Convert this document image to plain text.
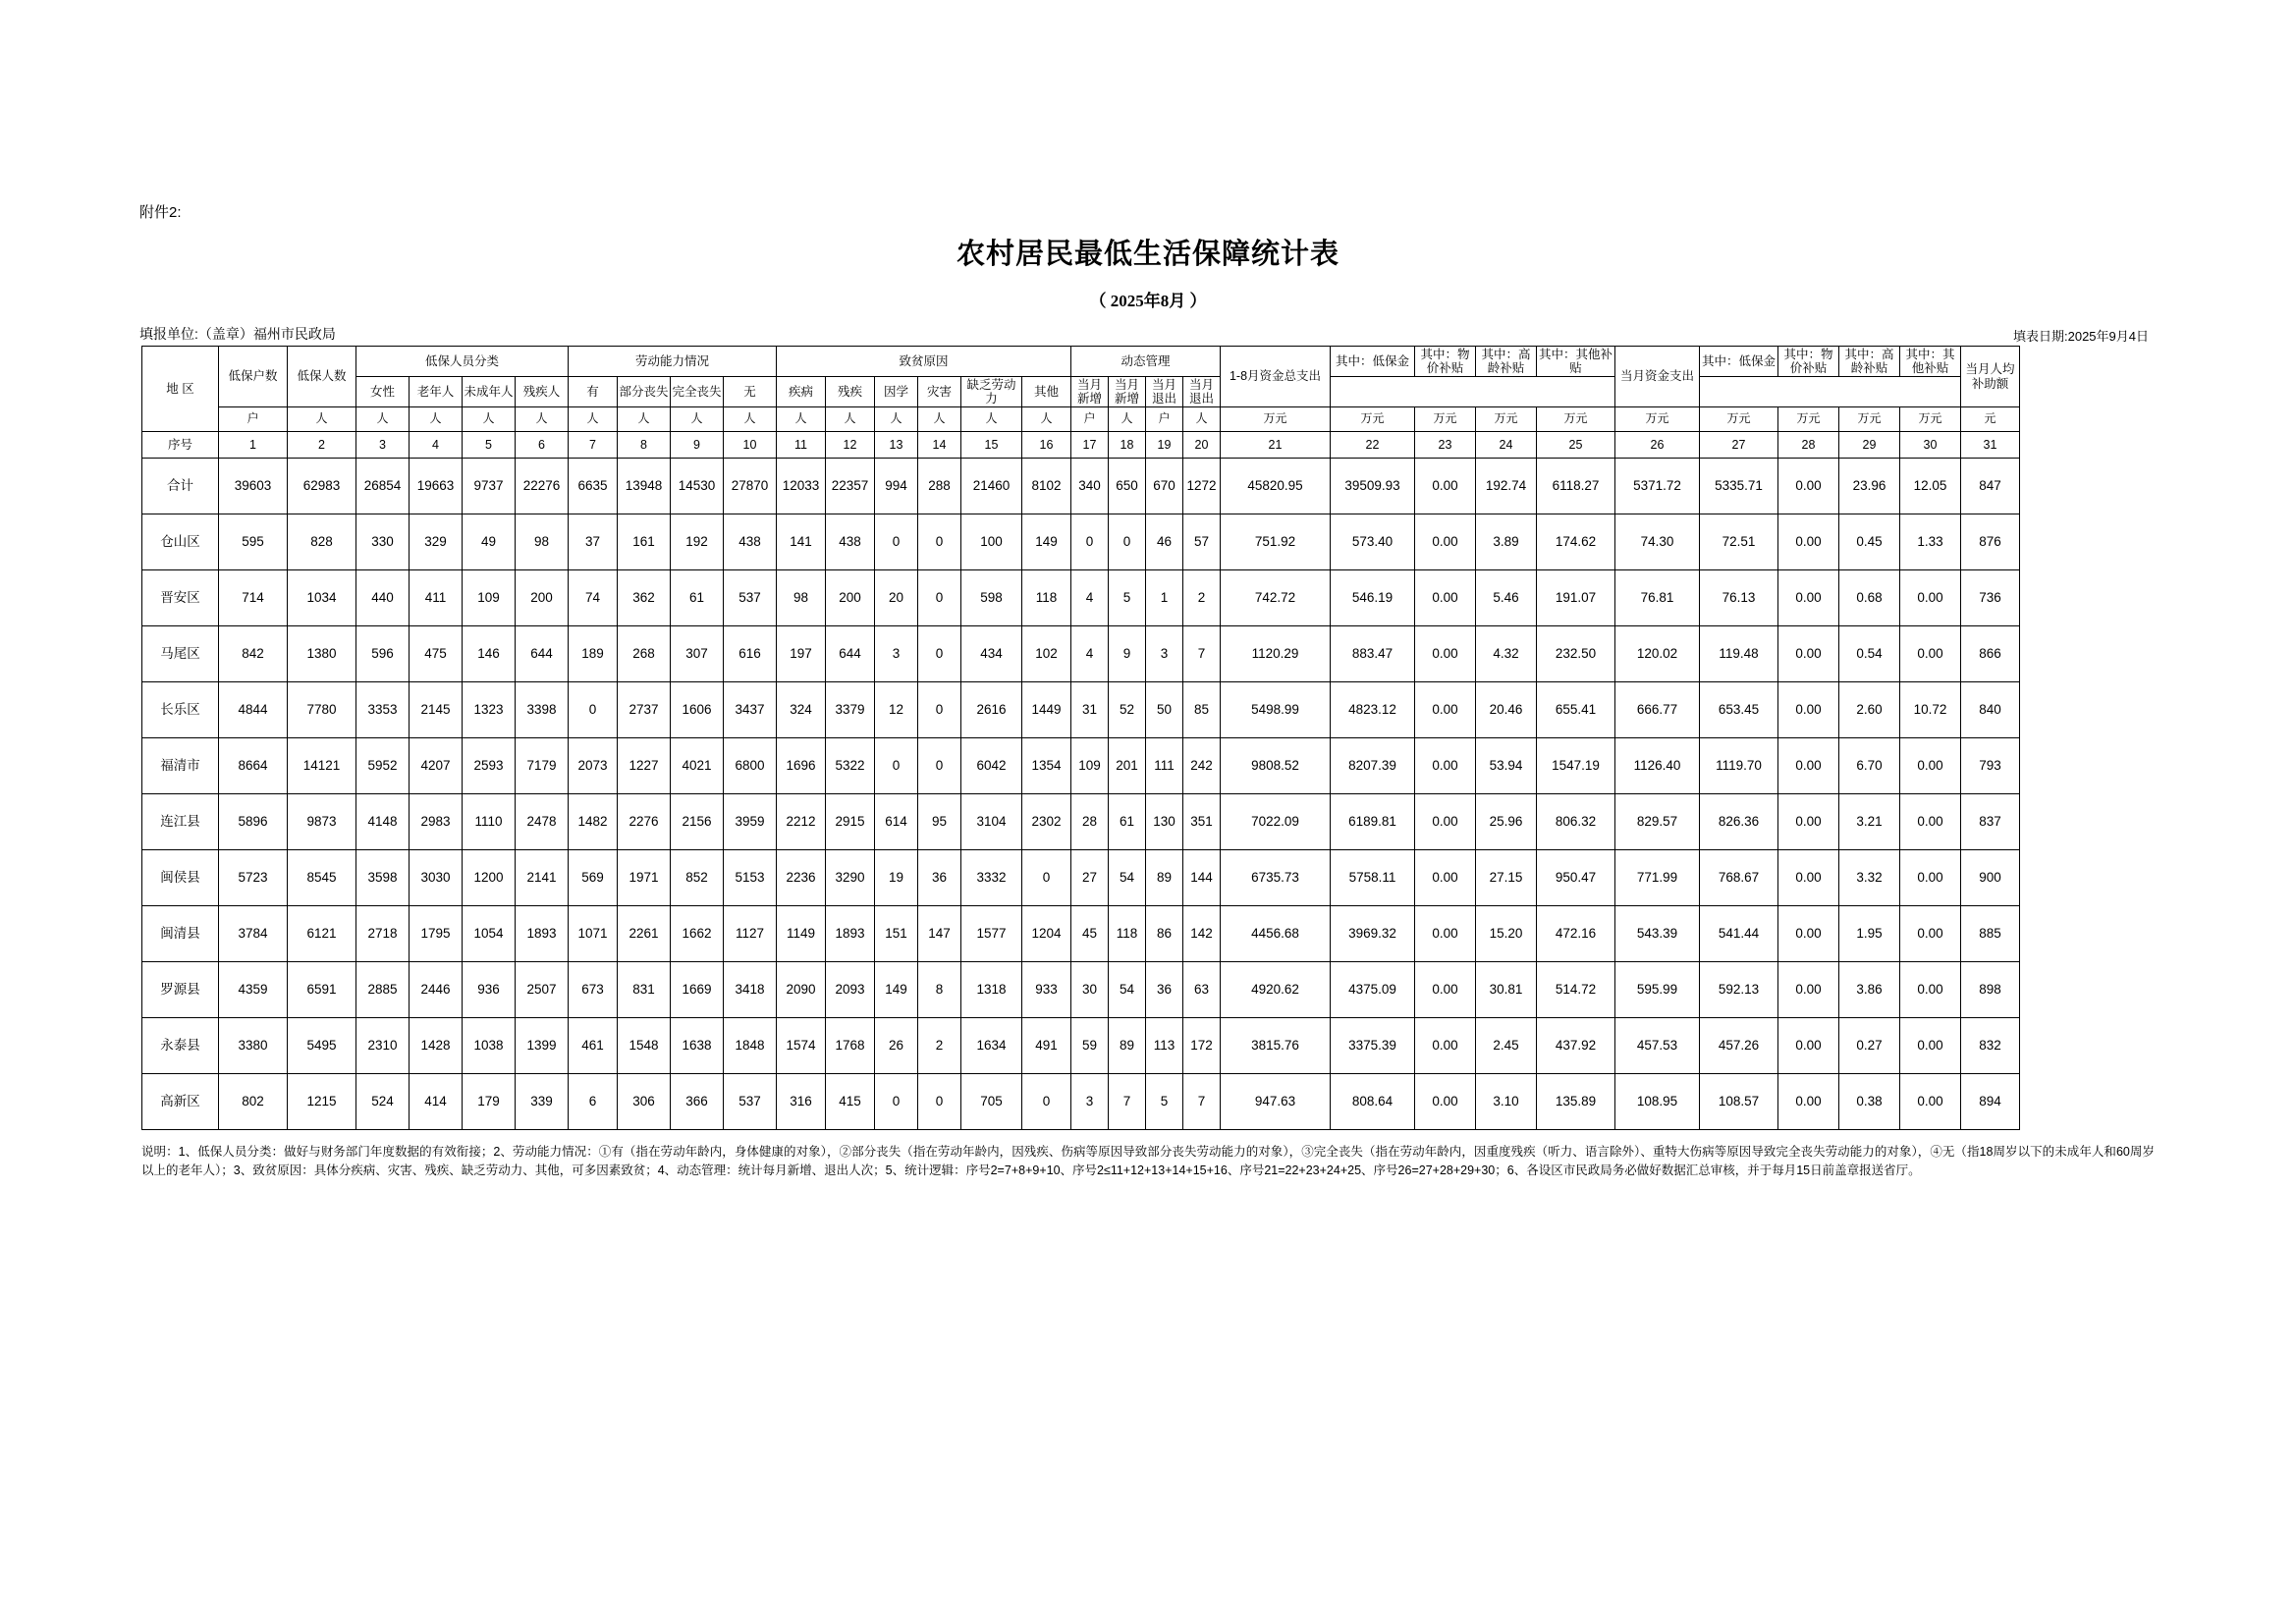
附件2:
农村居民最低生活保障统计表
（ 2025年8月 ）
填报单位:（盖章）福州市民政局	填表日期:2025年9月4日
地 区	低保户数	低保人数	低保人员分类				劳动能力情况				致贫原因						动态管理				1-8月资金总支出	其中：低保金	其中：物价补贴	其中：高龄补贴	其中：其他补贴	当月资金支出	其中：低保金	其中：物价补贴	其中：高龄补贴	其中：其他补贴	当月人均补助额
			女性	老年人	未成年人	残疾人	有	部分丧失	完全丧失	无	疾病	残疾	因学	灾害	缺乏劳动力	其他	当月新增	当月新增	当月退出	当月退出											
	户	人	人	人	人	人	人	人	人	人	人	人	人	人	人	人	户	人	户	人	万元	万元	万元	万元	万元	万元	万元	万元	万元	万元	元
序号	1	2	3	4	5	6	7	8	9	10	11	12	13	14	15	16	17	18	19	20	21	22	23	24	25	26	27	28	29	30	31
合计	39603	62983	26854	19663	9737	22276	6635	13948	14530	27870	12033	22357	994	288	21460	8102	340	650	670	1272	45820.95	39509.93	0.00	192.74	6118.27	5371.72	5335.71	0.00	23.96	12.05	847
仓山区	595	828	330	329	49	98	37	161	192	438	141	438	0	0	100	149	0	0	46	57	751.92	573.40	0.00	3.89	174.62	74.30	72.51	0.00	0.45	1.33	876
晋安区	714	1034	440	411	109	200	74	362	61	537	98	200	20	0	598	118	4	5	1	2	742.72	546.19	0.00	5.46	191.07	76.81	76.13	0.00	0.68	0.00	736
马尾区	842	1380	596	475	146	644	189	268	307	616	197	644	3	0	434	102	4	9	3	7	1120.29	883.47	0.00	4.32	232.50	120.02	119.48	0.00	0.54	0.00	866
长乐区	4844	7780	3353	2145	1323	3398	0	2737	1606	3437	324	3379	12	0	2616	1449	31	52	50	85	5498.99	4823.12	0.00	20.46	655.41	666.77	653.45	0.00	2.60	10.72	840
福清市	8664	14121	5952	4207	2593	7179	2073	1227	4021	6800	1696	5322	0	0	6042	1354	109	201	111	242	9808.52	8207.39	0.00	53.94	1547.19	1126.40	1119.70	0.00	6.70	0.00	793
连江县	5896	9873	4148	2983	1110	2478	1482	2276	2156	3959	2212	2915	614	95	3104	2302	28	61	130	351	7022.09	6189.81	0.00	25.96	806.32	829.57	826.36	0.00	3.21	0.00	837
闽侯县	5723	8545	3598	3030	1200	2141	569	1971	852	5153	2236	3290	19	36	3332	0	27	54	89	144	6735.73	5758.11	0.00	27.15	950.47	771.99	768.67	0.00	3.32	0.00	900
闽清县	3784	6121	2718	1795	1054	1893	1071	2261	1662	1127	1149	1893	151	147	1577	1204	45	118	86	142	4456.68	3969.32	0.00	15.20	472.16	543.39	541.44	0.00	1.95	0.00	885
罗源县	4359	6591	2885	2446	936	2507	673	831	1669	3418	2090	2093	149	8	1318	933	30	54	36	63	4920.62	4375.09	0.00	30.81	514.72	595.99	592.13	0.00	3.86	0.00	898
永泰县	3380	5495	2310	1428	1038	1399	461	1548	1638	1848	1574	1768	26	2	1634	491	59	89	113	172	3815.76	3375.39	0.00	2.45	437.92	457.53	457.26	0.00	0.27	0.00	832
高新区	802	1215	524	414	179	339	6	306	366	537	316	415	0	0	705	0	3	7	5	7	947.63	808.64	0.00	3.10	135.89	108.95	108.57	0.00	0.38	0.00	894
说明：1、低保人员分类：做好与财务部门年度数据的有效衔接；2、劳动能力情况：①有（指在劳动年龄内，身体健康的对象），②部分丧失（指在劳动年龄内，因残疾、伤病等原因导致部分丧失劳动能力的对象），③完全丧失（指在劳动年龄内，因重度残疾（听力、语言除外）、重特大伤病等原因导致完全丧失劳动能力的对象），④无（指18周岁以下的未成年人和60周岁以上的老年人）；3、致贫原因：具体分疾病、灾害、残疾、缺乏劳动力、其他，可多因素致贫；4、动态管理：统计每月新增、退出人次；5、统计逻辑：序号2=7+8+9+10、序号2≤11+12+13+14+15+16、序号21=22+23+24+25、序号26=27+28+29+30；6、各设区市民政局务必做好数据汇总审核，并于每月15日前盖章报送省厅。
